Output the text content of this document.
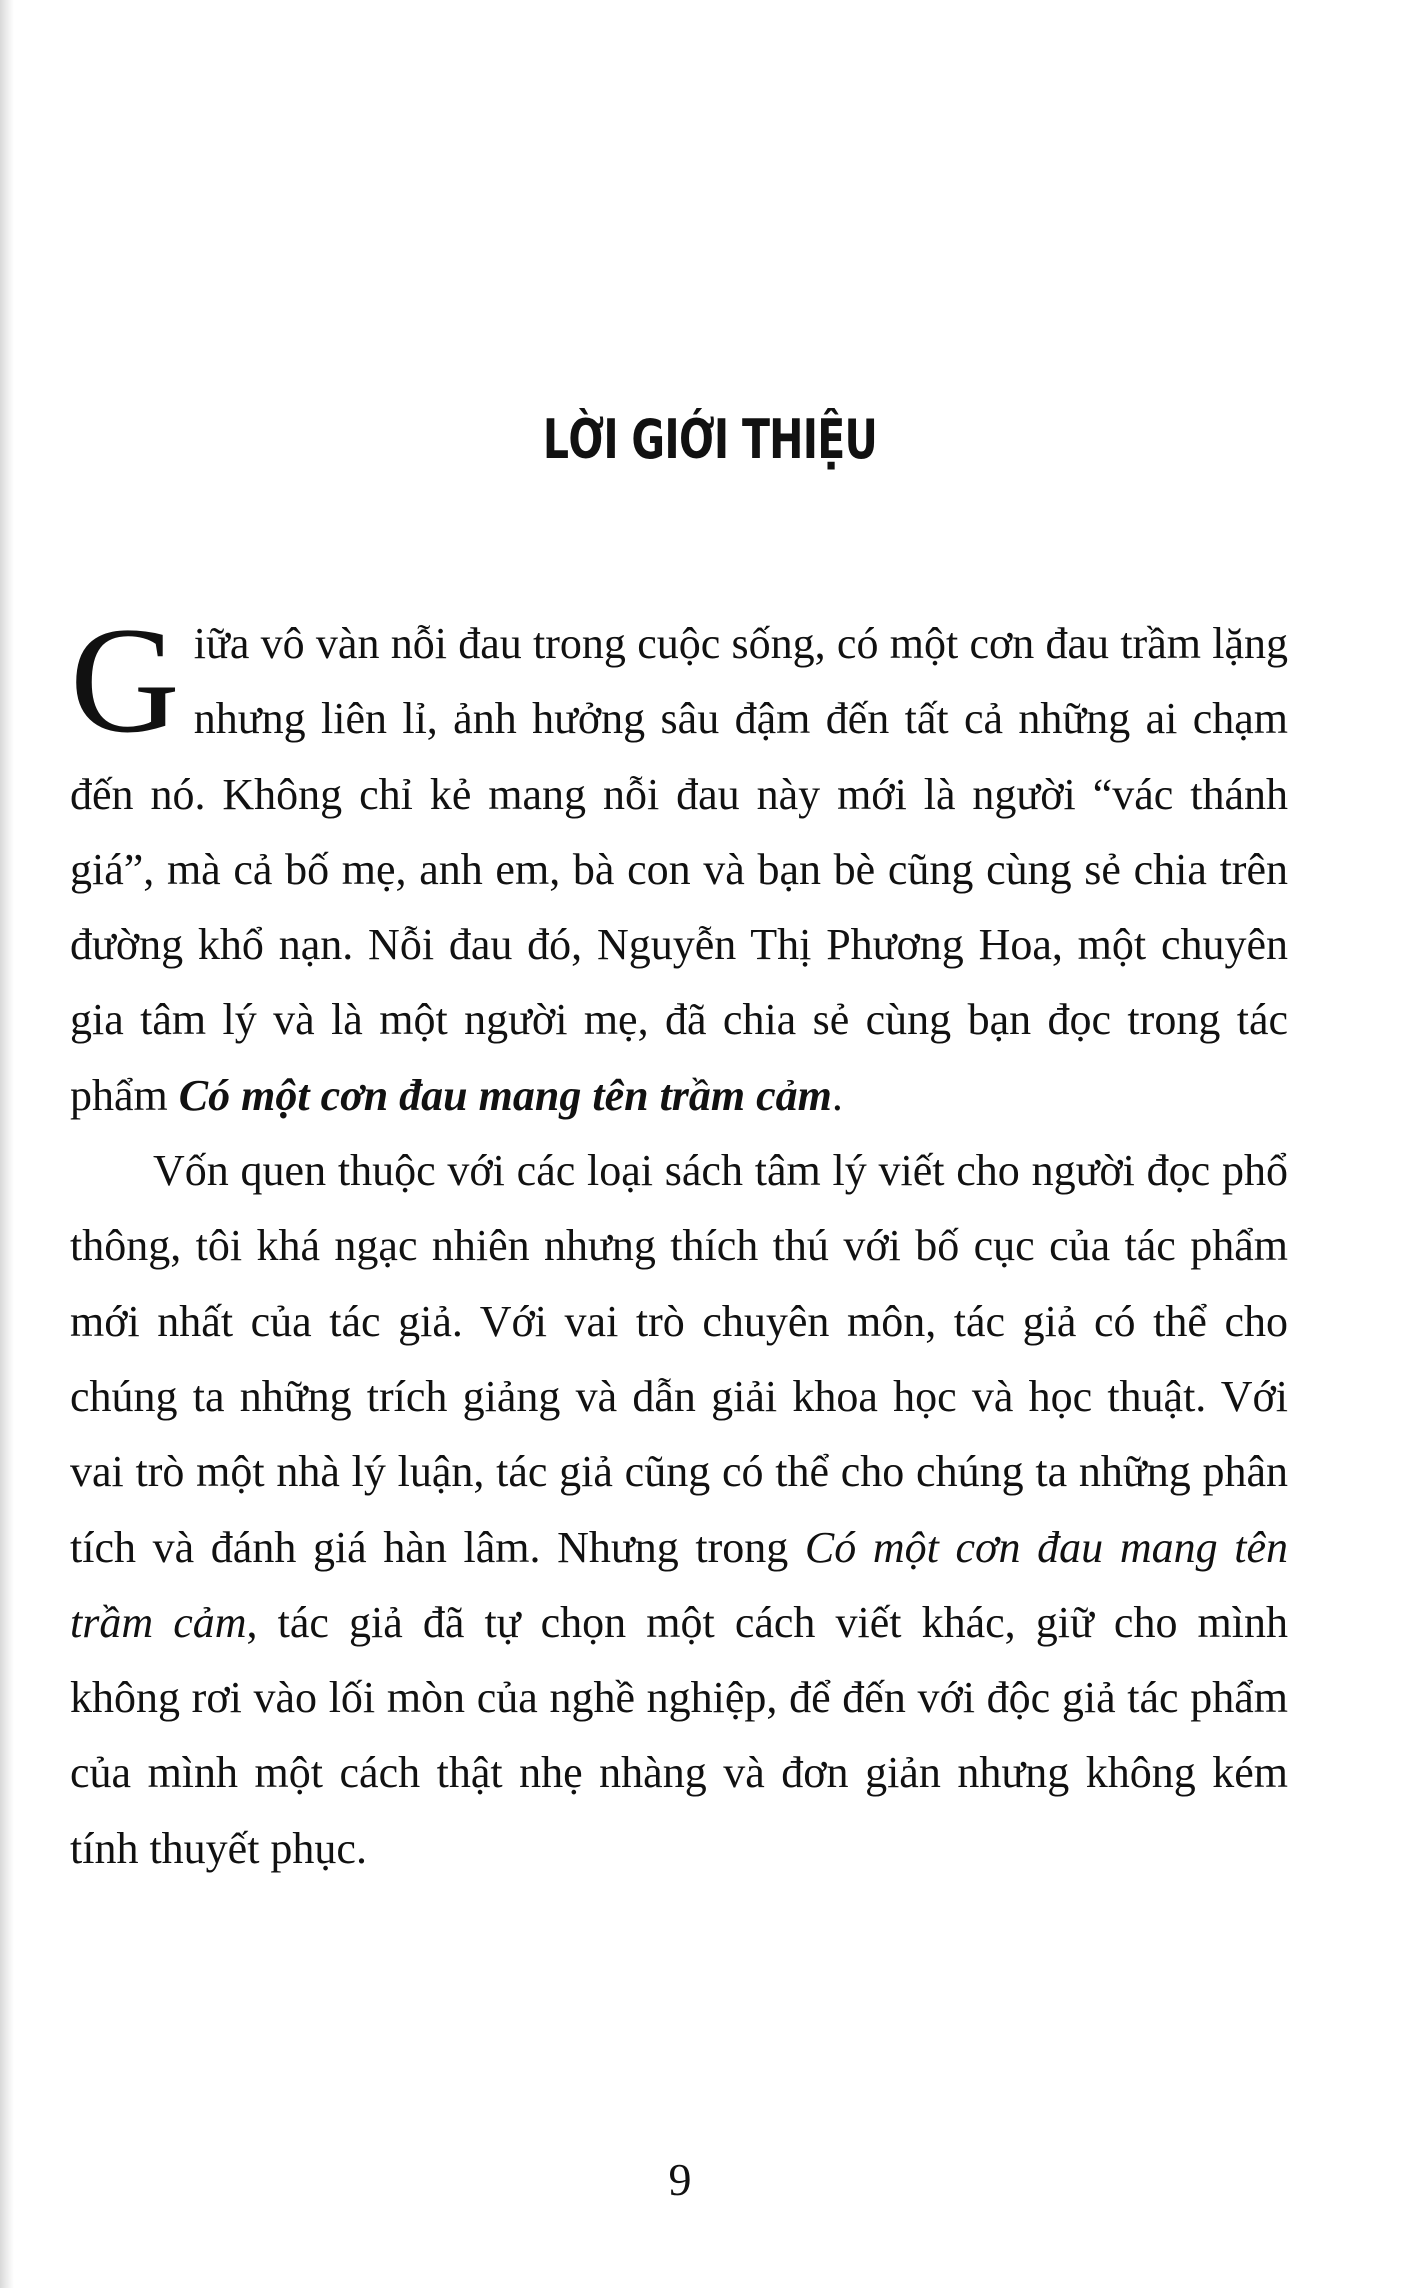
LỜI GIỚI THIỆU

Giữa vô vàn nỗi đau trong cuộc sống, có một cơn đau trầm lặng nhưng liên lỉ, ảnh hưởng sâu đậm đến tất cả những ai chạm đến nó. Không chỉ kẻ mang nỗi đau này mới là người “vác thánh giá”, mà cả bố mẹ, anh em, bà con và bạn bè cũng cùng sẻ chia trên đường khổ nạn. Nỗi đau đó, Nguyễn Thị Phương Hoa, một chuyên gia tâm lý và là một người mẹ, đã chia sẻ cùng bạn đọc trong tác phẩm Có một cơn đau mang tên trầm cảm.

Vốn quen thuộc với các loại sách tâm lý viết cho người đọc phổ thông, tôi khá ngạc nhiên nhưng thích thú với bố cục của tác phẩm mới nhất của tác giả. Với vai trò chuyên môn, tác giả có thể cho chúng ta những trích giảng và dẫn giải khoa học và học thuật. Với vai trò một nhà lý luận, tác giả cũng có thể cho chúng ta những phân tích và đánh giá hàn lâm. Nhưng trong Có một cơn đau mang tên trầm cảm, tác giả đã tự chọn một cách viết khác, giữ cho mình không rơi vào lối mòn của nghề nghiệp, để đến với độc giả tác phẩm của mình một cách thật nhẹ nhàng và đơn giản nhưng không kém tính thuyết phục.

9
